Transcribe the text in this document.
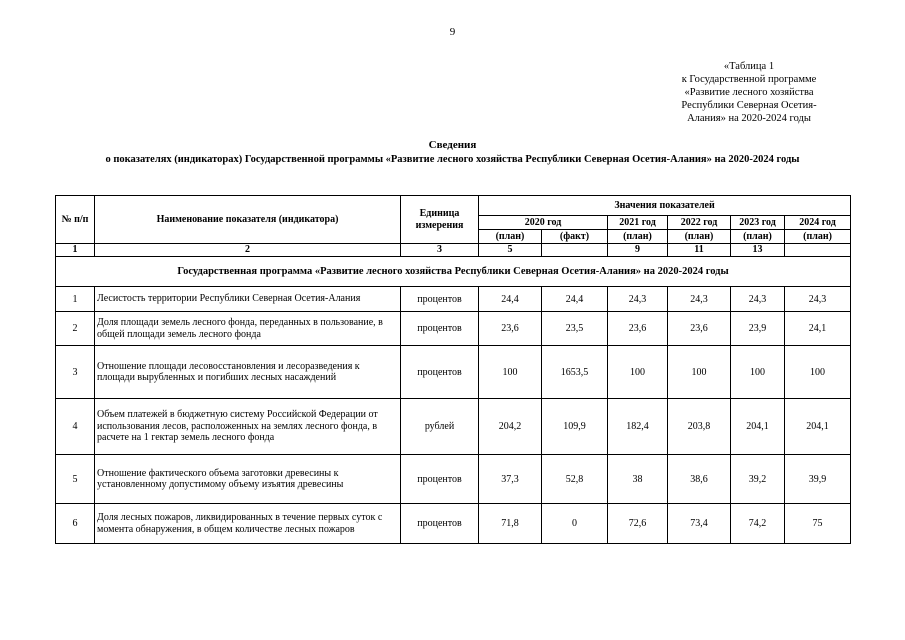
9
«Таблица 1
к Государственной программе
«Развитие лесного хозяйства
Республики Северная Осетия-
Алания» на 2020-2024 годы
Сведения
о показателях (индикаторах) Государственной программы «Развитие лесного хозяйства Республики Северная Осетия-Алания» на 2020-2024 годы
№ п/п	Наименование показателя (индикатора)	Единица измерения	Значения показателей					
			2020 год		2021 год	2022 год	2023 год	2024 год
			(план)	(факт)	(план)	(план)	(план)	(план)
1	2	3	5		9	11	13	
Государственная программа «Развитие лесного хозяйства Республики Северная Осетия-Алания» на 2020-2024 годы								
1	Лесистость территории Республики Северная Осетия-Алания	процентов	24,4	24,4	24,3	24,3	24,3	24,3
2	Доля площади земель лесного фонда, переданных в пользование, в общей площади земель лесного фонда	процентов	23,6	23,5	23,6	23,6	23,9	24,1
3	Отношение площади лесовосстановления и лесоразведения к площади вырубленных и погибших лесных насаждений	процентов	100	1653,5	100	100	100	100
4	Объем платежей в бюджетную систему Российской Федерации от использования лесов, расположенных на землях лесного фонда, в расчете на 1 гектар земель лесного фонда	рублей	204,2	109,9	182,4	203,8	204,1	204,1
5	Отношение фактического объема заготовки древесины к установленному допустимому объему изъятия древесины	процентов	37,3	52,8	38	38,6	39,2	39,9
6	Доля лесных пожаров, ликвидированных в течение первых суток с момента обнаружения, в общем количестве лесных пожаров	процентов	71,8	0	72,6	73,4	74,2	75
